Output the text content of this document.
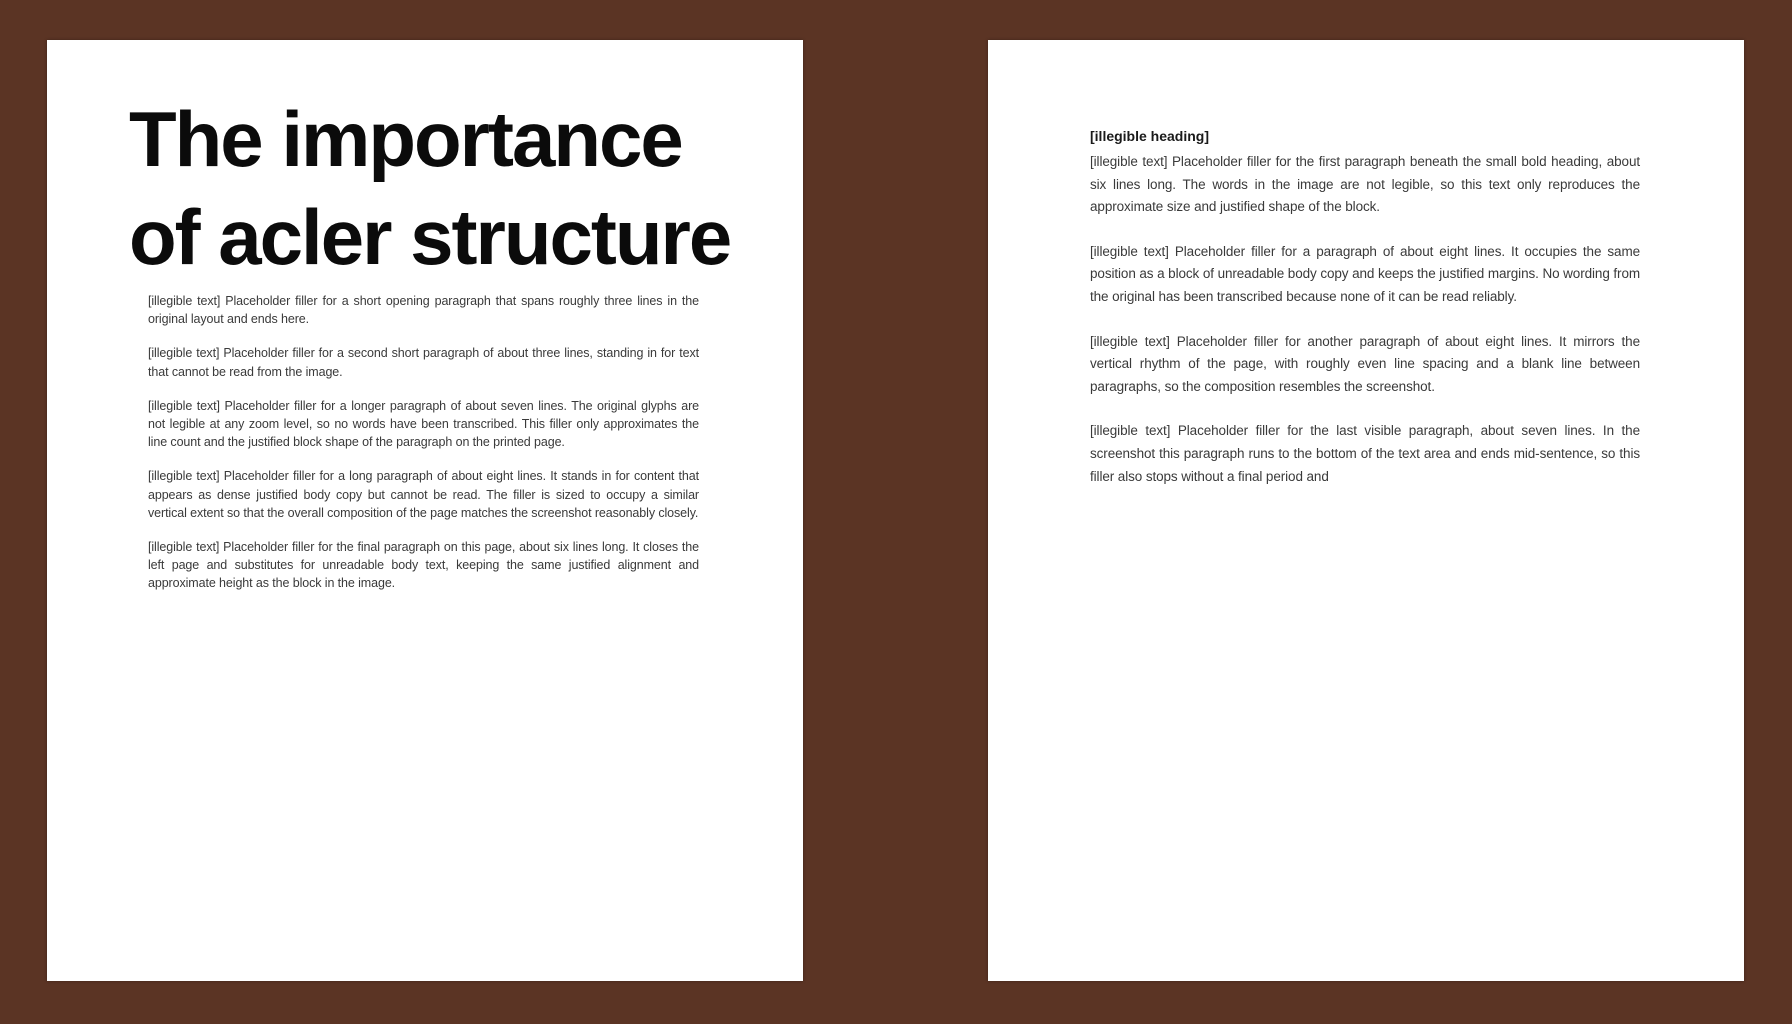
The importance
of acler structure

[illegible text] Placeholder filler for a short opening paragraph that spans roughly three lines in the original layout and ends here.

[illegible text] Placeholder filler for a second short paragraph of about three lines, standing in for text that cannot be read from the image.

[illegible text] Placeholder filler for a longer paragraph of about seven lines. The original glyphs are not legible at any zoom level, so no words have been transcribed. This filler only approximates the line count and the justified block shape of the paragraph on the printed page.

[illegible text] Placeholder filler for a long paragraph of about eight lines. It stands in for content that appears as dense justified body copy but cannot be read. The filler is sized to occupy a similar vertical extent so that the overall composition of the page matches the screenshot reasonably closely.

[illegible text] Placeholder filler for the final paragraph on this page, about six lines long. It closes the left page and substitutes for unreadable body text, keeping the same justified alignment and approximate height as the block in the image.

[illegible heading]

[illegible text] Placeholder filler for the first paragraph beneath the small bold heading, about six lines long. The words in the image are not legible, so this text only reproduces the approximate size and justified shape of the block.

[illegible text] Placeholder filler for a paragraph of about eight lines. It occupies the same position as a block of unreadable body copy and keeps the justified margins. No wording from the original has been transcribed because none of it can be read reliably.

[illegible text] Placeholder filler for another paragraph of about eight lines. It mirrors the vertical rhythm of the page, with roughly even line spacing and a blank line between paragraphs, so the composition resembles the screenshot.

[illegible text] Placeholder filler for the last visible paragraph, about seven lines. In the screenshot this paragraph runs to the bottom of the text area and ends mid-sentence, so this filler also stops without a final period and
